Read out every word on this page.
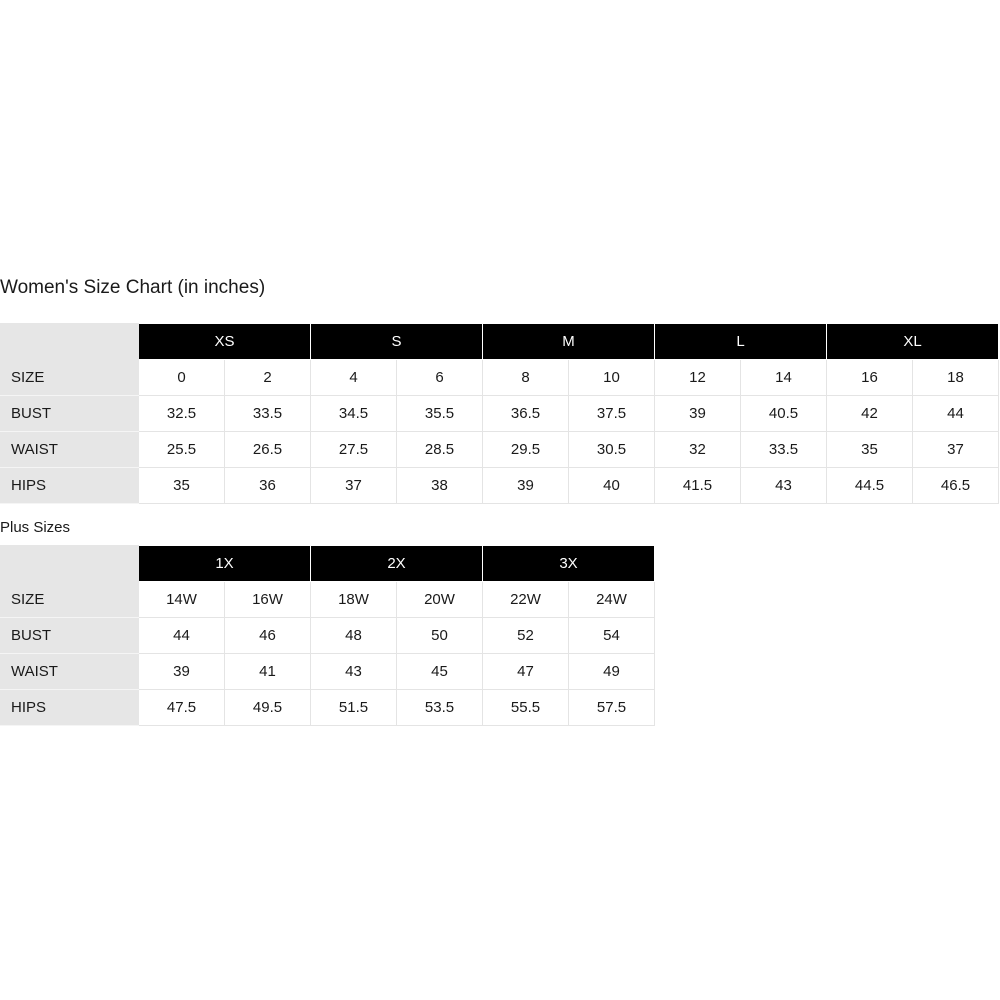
Women's Size Chart (in inches)
	XS		S		M		L		XL	
SIZE	0	2	4	6	8	10	12	14	16	18
BUST	32.5	33.5	34.5	35.5	36.5	37.5	39	40.5	42	44
WAIST	25.5	26.5	27.5	28.5	29.5	30.5	32	33.5	35	37
HIPS	35	36	37	38	39	40	41.5	43	44.5	46.5
Plus Sizes
	1X		2X		3X	
SIZE	14W	16W	18W	20W	22W	24W
BUST	44	46	48	50	52	54
WAIST	39	41	43	45	47	49
HIPS	47.5	49.5	51.5	53.5	55.5	57.5
